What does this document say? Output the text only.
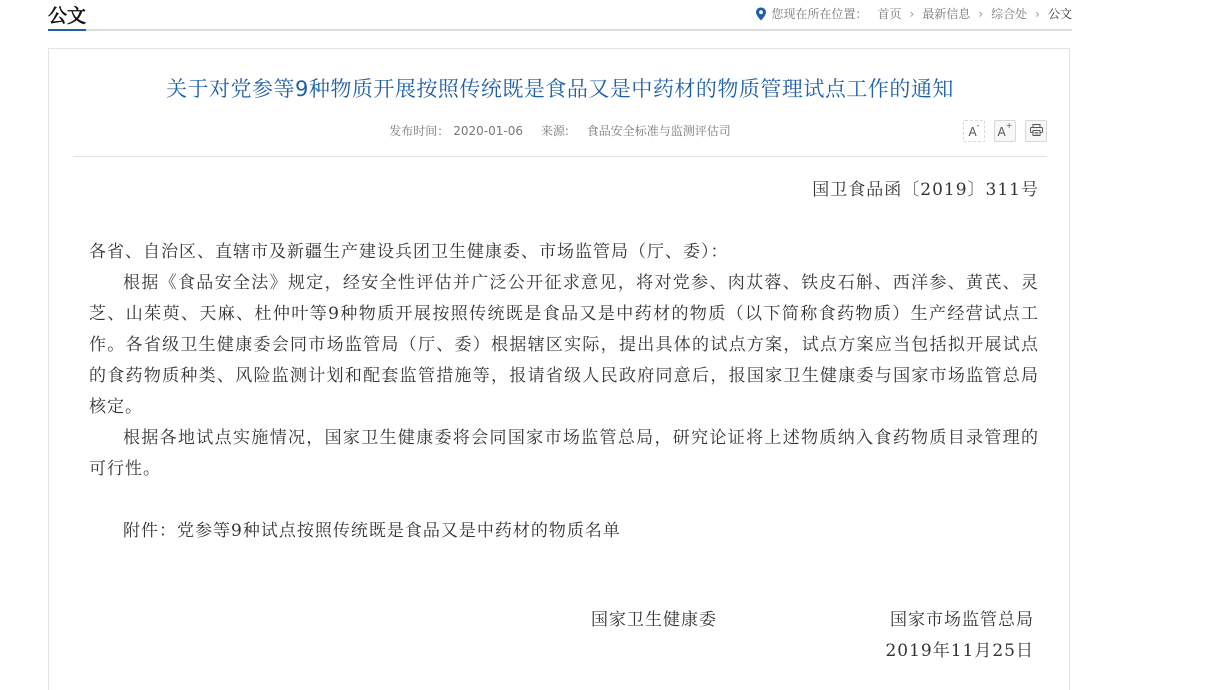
公文	您现在所在位置： 首页 › 最新信息 › 综合处 › 公文
关于对党参等9种物质开展按照传统既是食品又是中药材的物质管理试点工作的通知
发布时间： 2020-01-06 来源: 食品安全标准与监测评估司	A- A+
国卫食品函〔2019〕311号
各省、自治区、直辖市及新疆生产建设兵团卫生健康委、市场监管局（厅、委）：
根据《食品安全法》规定，经安全性评估并广泛公开征求意见，将对党参、肉苁蓉、铁皮石斛、西洋参、黄芪、灵芝、山茱萸、天麻、杜仲叶等9种物质开展按照传统既是食品又是中药材的物质（以下简称食药物质）生产经营试点工作。各省级卫生健康委会同市场监管局（厅、委）根据辖区实际，提出具体的试点方案，试点方案应当包括拟开展试点的食药物质种类、风险监测计划和配套监管措施等，报请省级人民政府同意后，报国家卫生健康委与国家市场监管总局核定。
根据各地试点实施情况，国家卫生健康委将会同国家市场监管总局，研究论证将上述物质纳入食药物质目录管理的可行性。
附件：党参等9种试点按照传统既是食品又是中药材的物质名单
国家卫生健康委	国家市场监管总局
2019年11月25日
